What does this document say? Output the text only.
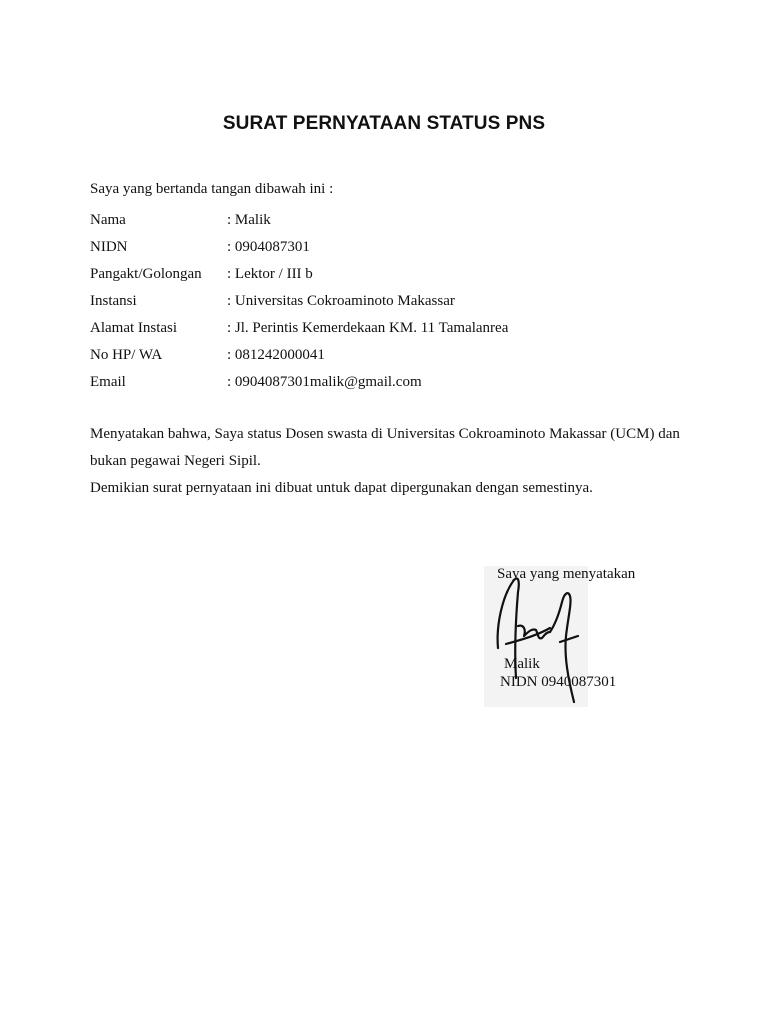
SURAT PERNYATAAN STATUS PNS
Saya yang bertanda tangan dibawah ini :
Nama	: Malik
NIDN	: 0904087301
Pangakt/Golongan	: Lektor / III b
Instansi	: Universitas Cokroaminoto Makassar
Alamat Instasi	: Jl. Perintis Kemerdekaan KM. 11 Tamalanrea
No HP/ WA	: 081242000041
Email	: 0904087301malik@gmail.com

Menyatakan bahwa, Saya status Dosen swasta di Universitas Cokroaminoto Makassar (UCM) dan bukan pegawai Negeri Sipil.

Demikian surat pernyataan ini dibuat untuk dapat dipergunakan dengan semestinya.

Saya yang menyatakan
Malik
NIDN 0940087301
